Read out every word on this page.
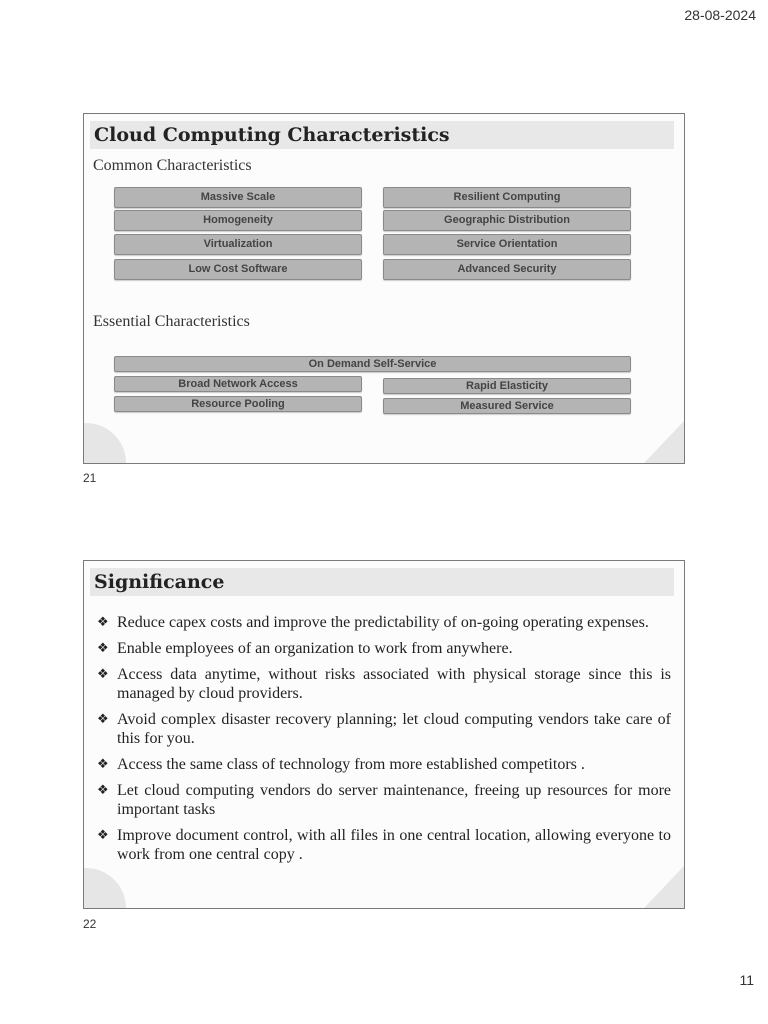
28-08-2024
Cloud Computing Characteristics
Common Characteristics
Massive Scale
Homogeneity
Virtualization
Low Cost Software
Resilient Computing
Geographic Distribution
Service Orientation
Advanced Security
Essential Characteristics
On Demand Self-Service
Broad Network Access
Resource Pooling
Rapid Elasticity
Measured Service
21
Significance
❖ Reduce capex costs and improve the predictability of on-going operating expenses.
❖ Enable employees of an organization to work from anywhere.
❖ Access data anytime, without risks associated with physical storage since this is managed by cloud providers.
❖ Avoid complex disaster recovery planning; let cloud computing vendors take care of this for you.
❖ Access the same class of technology from more established competitors .
❖ Let cloud computing vendors do server maintenance, freeing up resources for more important tasks
❖ Improve document control, with all files in one central location, allowing everyone to work from one central copy .
22
11
